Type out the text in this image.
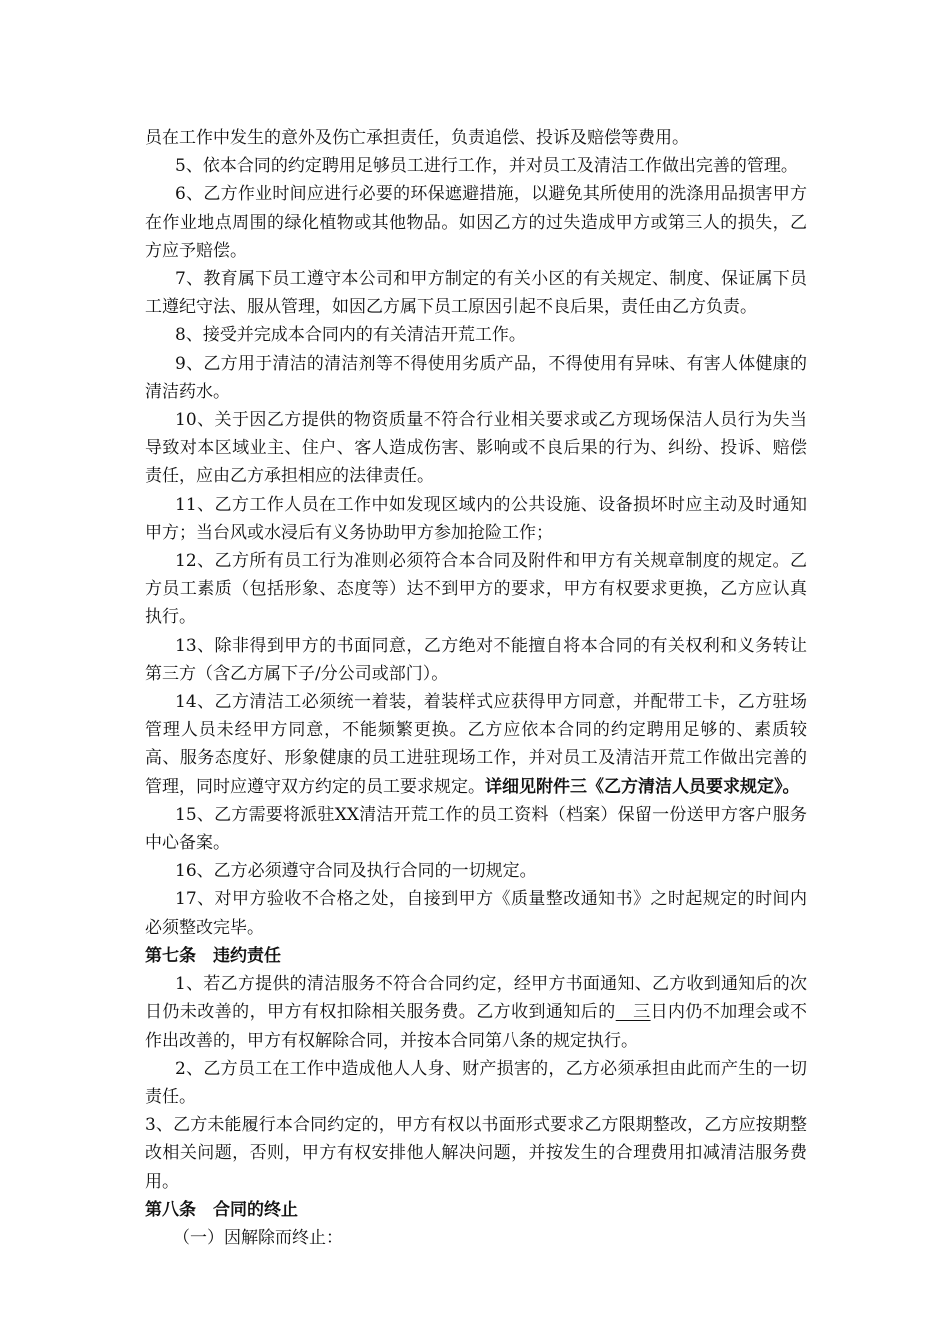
员在工作中发生的意外及伤亡承担责任，负责追偿、投诉及赔偿等费用。

5、依本合同的约定聘用足够员工进行工作，并对员工及清洁工作做出完善的管理。

6、乙方作业时间应进行必要的环保遮避措施，以避免其所使用的洗涤用品损害甲方在作业地点周围的绿化植物或其他物品。如因乙方的过失造成甲方或第三人的损失，乙方应予赔偿。

7、教育属下员工遵守本公司和甲方制定的有关小区的有关规定、制度、保证属下员工遵纪守法、服从管理，如因乙方属下员工原因引起不良后果，责任由乙方负责。

8、接受并完成本合同内的有关清洁开荒工作。

9、乙方用于清洁的清洁剂等不得使用劣质产品，不得使用有异味、有害人体健康的清洁药水。

10、关于因乙方提供的物资质量不符合行业相关要求或乙方现场保洁人员行为失当导致对本区域业主、住户、客人造成伤害、影响或不良后果的行为、纠纷、投诉、赔偿责任，应由乙方承担相应的法律责任。

11、乙方工作人员在工作中如发现区域内的公共设施、设备损坏时应主动及时通知甲方；当台风或水浸后有义务协助甲方参加抢险工作；

12、乙方所有员工行为准则必须符合本合同及附件和甲方有关规章制度的规定。乙方员工素质（包括形象、态度等）达不到甲方的要求，甲方有权要求更换，乙方应认真执行。

13、除非得到甲方的书面同意，乙方绝对不能擅自将本合同的有关权利和义务转让第三方（含乙方属下子/分公司或部门）。

14、乙方清洁工必须统一着装，着装样式应获得甲方同意，并配带工卡，乙方驻场管理人员未经甲方同意，不能频繁更换。乙方应依本合同的约定聘用足够的、素质较高、服务态度好、形象健康的员工进驻现场工作，并对员工及清洁开荒工作做出完善的管理，同时应遵守双方约定的员工要求规定。详细见附件三《乙方清洁人员要求规定》。

15、乙方需要将派驻XX清洁开荒工作的员工资料（档案）保留一份送甲方客户服务中心备案。

16、乙方必须遵守合同及执行合同的一切规定。

17、对甲方验收不合格之处，自接到甲方《质量整改通知书》之时起规定的时间内必须整改完毕。

第七条　违约责任

1、若乙方提供的清洁服务不符合合同约定，经甲方书面通知、乙方收到通知后的次日仍未改善的，甲方有权扣除相关服务费。乙方收到通知后的　三日内仍不加理会或不作出改善的，甲方有权解除合同，并按本合同第八条的规定执行。

2、乙方员工在工作中造成他人人身、财产损害的，乙方必须承担由此而产生的一切责任。

3、乙方未能履行本合同约定的，甲方有权以书面形式要求乙方限期整改，乙方应按期整改相关问题，否则，甲方有权安排他人解决问题，并按发生的合理费用扣减清洁服务费用。

第八条　合同的终止

（一）因解除而终止：
